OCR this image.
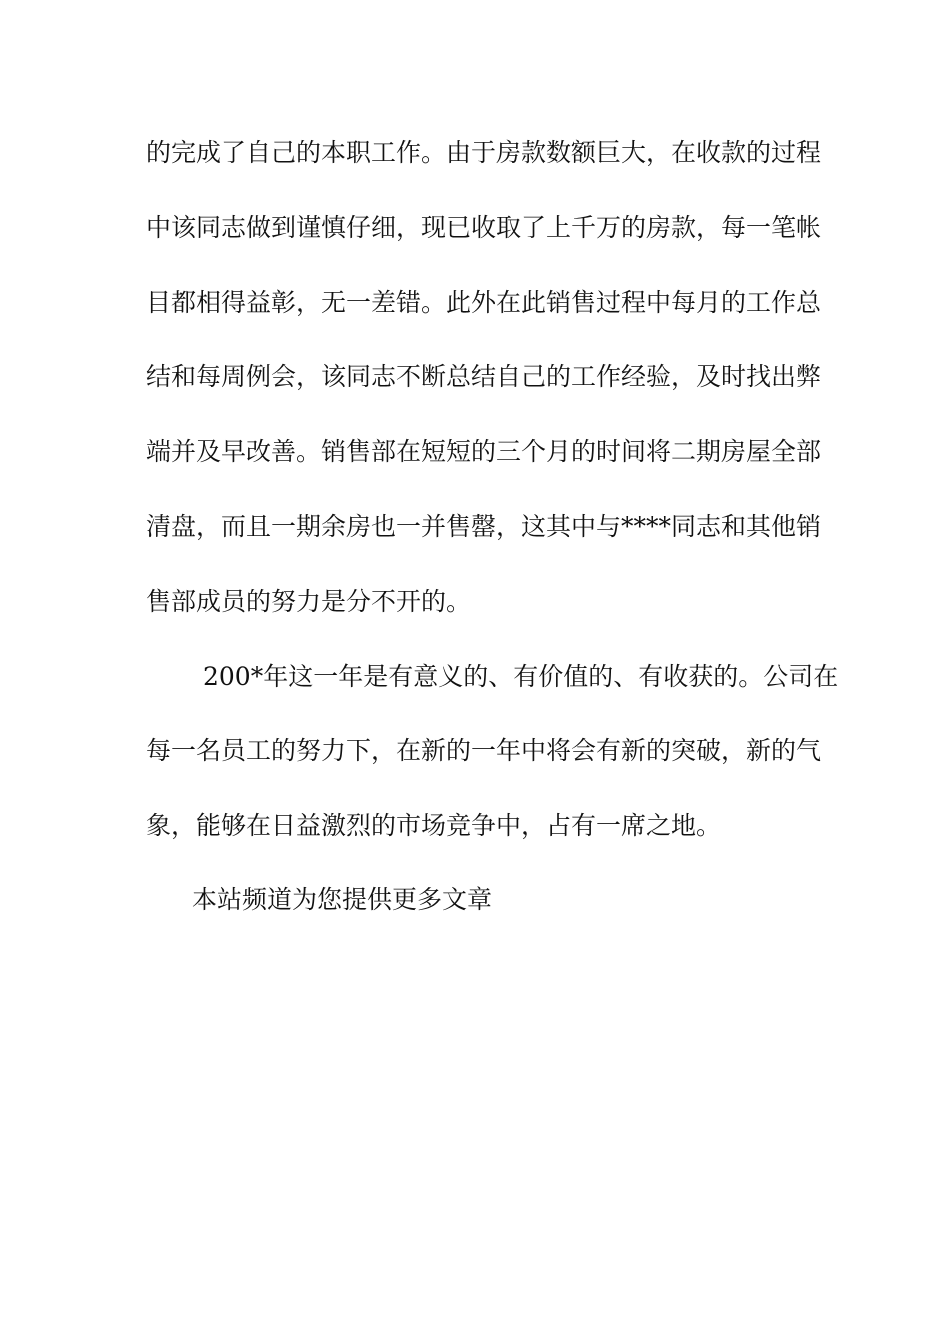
的完成了自己的本职工作。由于房款数额巨大，在收款的过程
中该同志做到谨慎仔细，现已收取了上千万的房款，每一笔帐
目都相得益彰，无一差错。此外在此销售过程中每月的工作总
结和每周例会，该同志不断总结自己的工作经验，及时找出弊
端并及早改善。销售部在短短的三个月的时间将二期房屋全部
清盘，而且一期余房也一并售罄，这其中与****同志和其他销
售部成员的努力是分不开的。
200*年这一年是有意义的、有价值的、有收获的。公司在
每一名员工的努力下，在新的一年中将会有新的突破，新的气
象，能够在日益激烈的市场竞争中，占有一席之地。
本站频道为您提供更多文章
